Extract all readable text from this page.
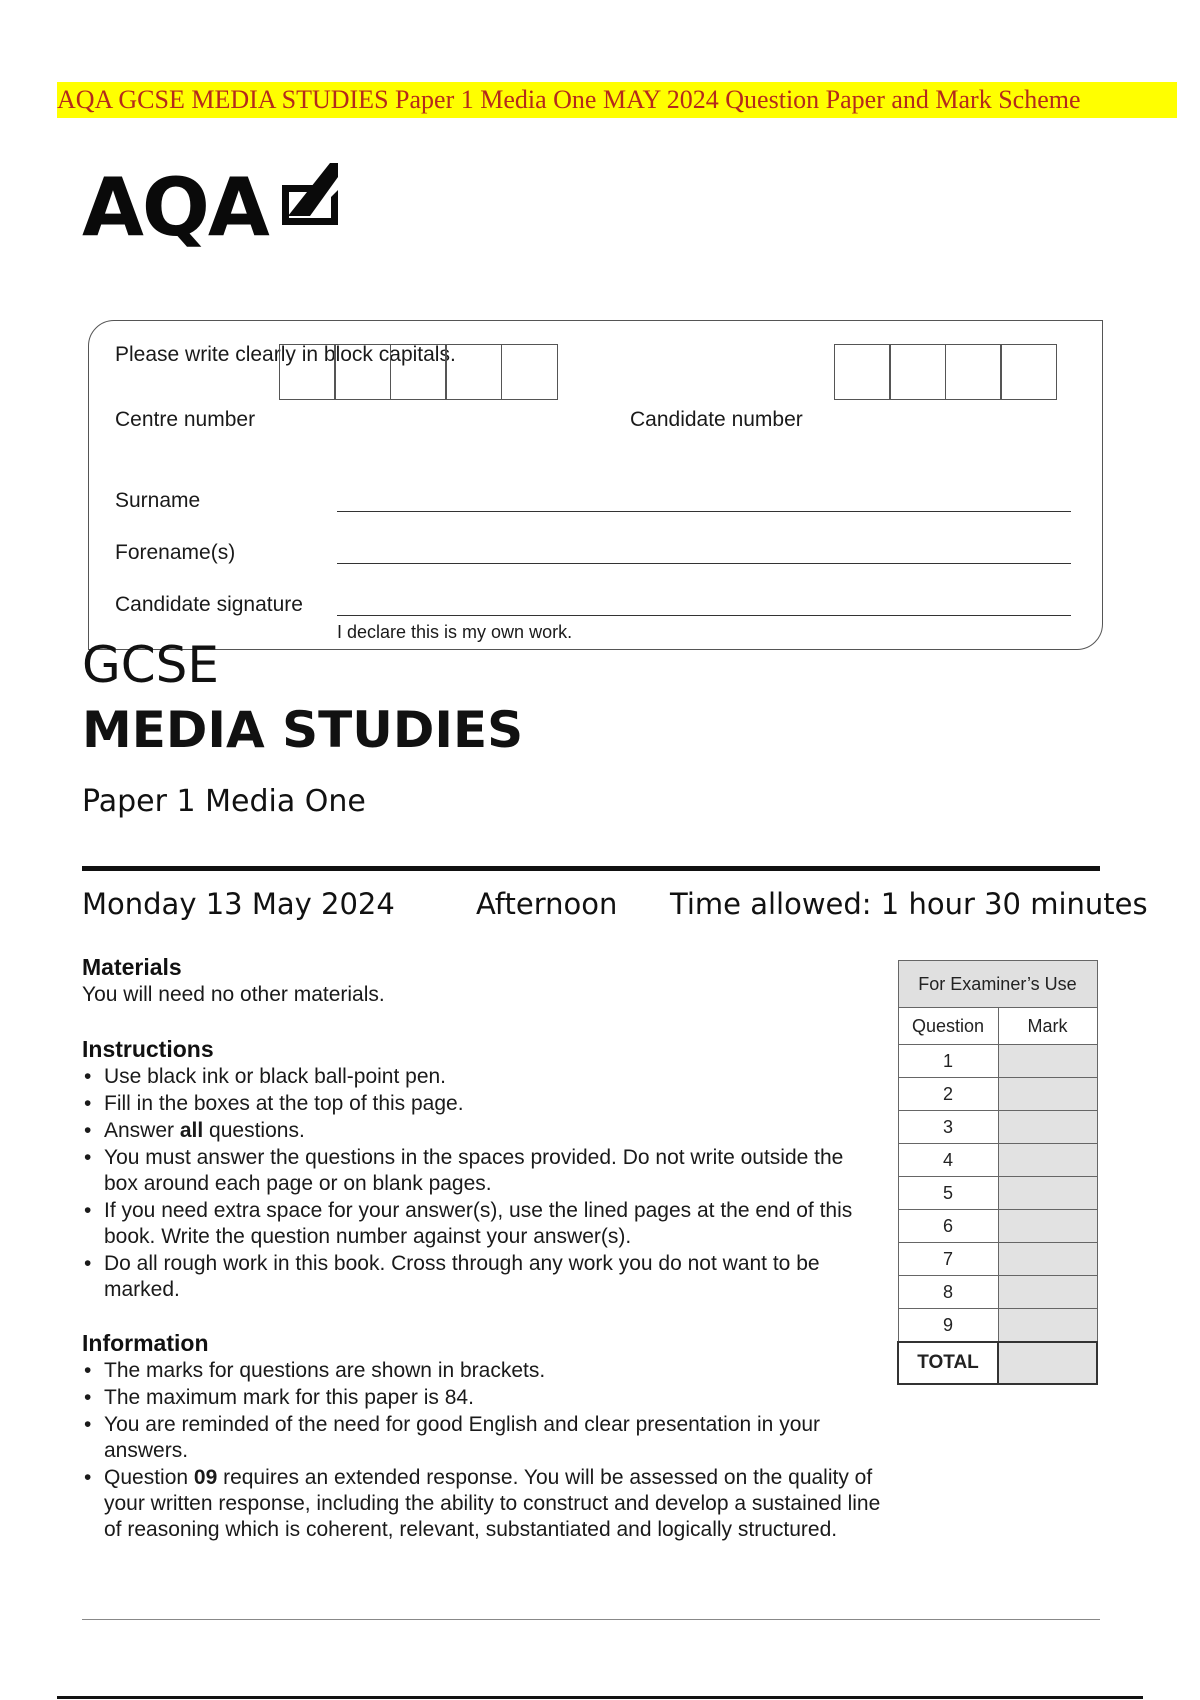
AQA GCSE MEDIA STUDIES Paper 1 Media One MAY 2024 Question Paper and Mark Scheme
AQA
Please write clearly in block capitals.
Centre number	Candidate number
Surname
Forename(s)
Candidate signature
I declare this is my own work.
GCSE
MEDIA STUDIES
Paper 1 Media One
Monday 13 May 2024	Afternoon Time allowed: 1 hour 30 minutes
Materials
You will need no other materials.
Instructions
• Use black ink or black ball-point pen.
• Fill in the boxes at the top of this page.
• Answer all questions.
• You must answer the questions in the spaces provided. Do not write outside the box around each page or on blank pages.
• If you need extra space for your answer(s), use the lined pages at the end of this book. Write the question number against your answer(s).
• Do all rough work in this book. Cross through any work you do not want to be marked.
Information
• The marks for questions are shown in brackets.
• The maximum mark for this paper is 84.
• You are reminded of the need for good English and clear presentation in your answers.
• Question 09 requires an extended response. You will be assessed on the quality of your written response, including the ability to construct and develop a sustained line of reasoning which is coherent, relevant, substantiated and logically structured.
For Examiner’s Use	
Question	Mark
1	
2	
3	
4	
5	
6	
7	
8	
9	
TOTAL	
